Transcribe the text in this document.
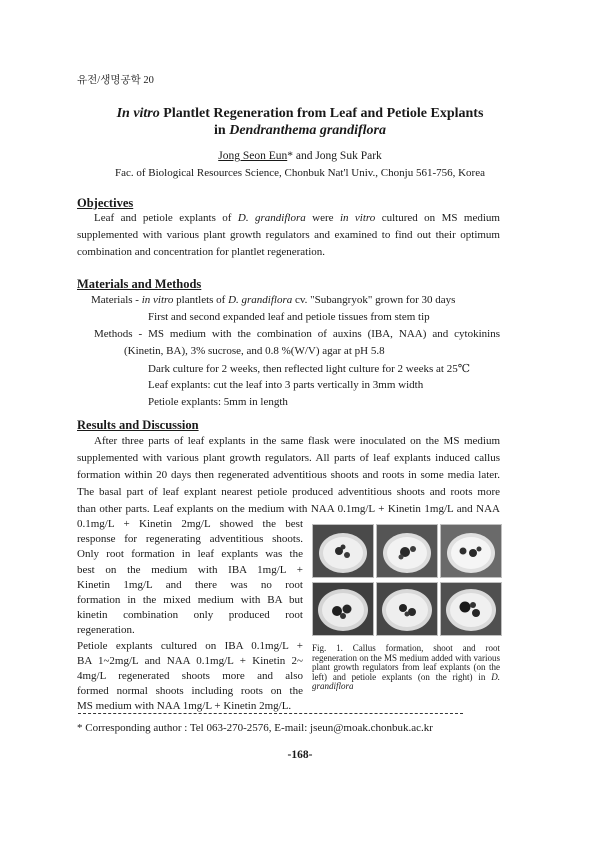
유전/생명공학 20
In vitro Plantlet Regeneration from Leaf and Petiole Explants
in Dendranthema grandiflora
Jong Seon Eun* and Jong Suk Park
Fac. of Biological Resources Science, Chonbuk Nat'l Univ., Chonju 561-756, Korea
Objectives
Leaf and petiole explants of D. grandiflora were in vitro cultured on MS medium
supplemented with various plant growth regulators and examined to find out their optimum
combination and concentration for plantlet regeneration.
Materials and Methods
Materials - in vitro plantlets of D. grandiflora cv. "Subangryok" grown for 30 days
First and second expanded leaf and petiole tissues from stem tip
Methods - MS medium with the combination of auxins (IBA, NAA) and cytokinins
(Kinetin, BA), 3% sucrose, and 0.8 %(W/V) agar at pH 5.8
Dark culture for 2 weeks, then reflected light culture for 2 weeks at 25℃
Leaf explants: cut the leaf into 3 parts vertically in 3mm width
Petiole explants: 5mm in length
Results and Discussion
After three parts of leaf explants in the same flask were inoculated on the MS medium
supplemented with various plant growth regulators. All parts of leaf explants induced callus
formation within 20 days then regenerated adventitious shoots and roots in some media later.
The basal part of leaf explant nearest petiole produced adventitious shoots and roots more
than other parts. Leaf explants on the medium with NAA 0.1mg/L + Kinetin 1mg/L and NAA
0.1mg/L + Kinetin 2mg/L showed the best
response for regenerating adventitious shoots.
Only root formation in leaf explants was the
best on the medium with IBA 1mg/L +
Kinetin 1mg/L and there was no root
formation in the mixed medium with BA but
kinetin combination only produced root
regeneration.
Petiole explants cultured on IBA 0.1mg/L +
BA 1~2mg/L and NAA 0.1mg/L + Kinetin 2~
4mg/L regenerated shoots more and also
formed normal shoots including roots on the
Fig. 1. Callus formation, shoot and root regeneration on the MS medium added with various plant growth regulators from leaf explants (on the left) and petiole explants (on the right) in D. grandiflora
* Corresponding author : Tel 063-270-2576, E-mail: jseun@moak.chonbuk.ac.kr
-168-
MS medium with NAA 1mg/L + Kinetin 2mg/L.
